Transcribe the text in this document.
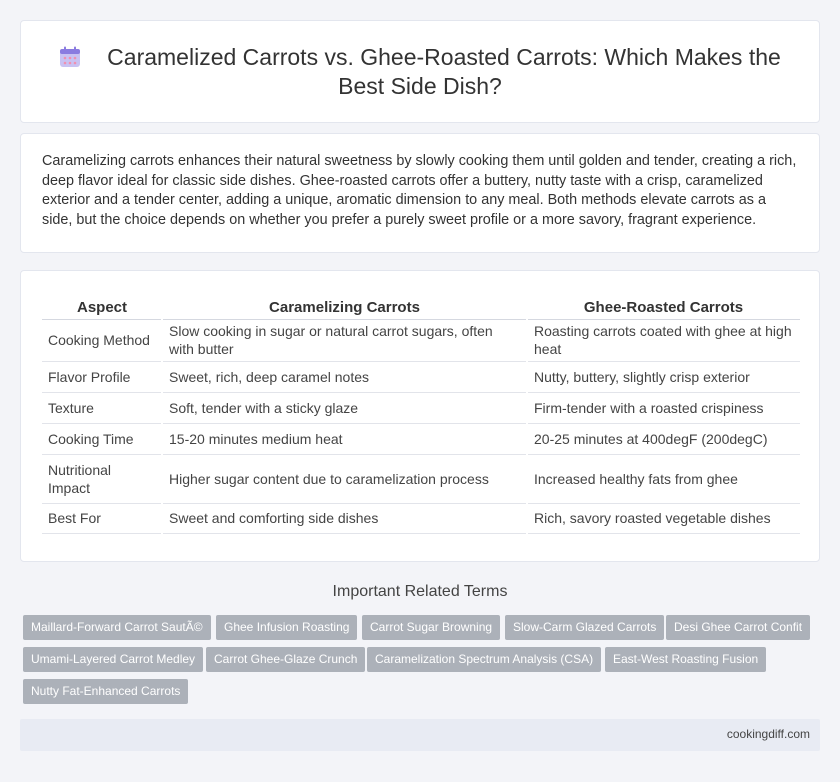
Caramelized Carrots vs. Ghee-Roasted Carrots: Which Makes the Best Side Dish?

Caramelizing carrots enhances their natural sweetness by slowly cooking them until golden and tender, creating a rich, deep flavor ideal for classic side dishes. Ghee-roasted carrots offer a buttery, nutty taste with a crisp, caramelized exterior and a tender center, adding a unique, aromatic dimension to any meal. Both methods elevate carrots as a side, but the choice depends on whether you prefer a purely sweet profile or a more savory, fragrant experience.

Aspect	Caramelizing Carrots	Ghee-Roasted Carrots
Cooking Method	Slow cooking in sugar or natural carrot sugars, often with butter	Roasting carrots coated with ghee at high heat
Flavor Profile	Sweet, rich, deep caramel notes	Nutty, buttery, slightly crisp exterior
Texture	Soft, tender with a sticky glaze	Firm-tender with a roasted crispiness
Cooking Time	15-20 minutes medium heat	20-25 minutes at 400degF (200degC)
Nutritional Impact	Higher sugar content due to caramelization process	Increased healthy fats from ghee
Best For	Sweet and comforting side dishes	Rich, savory roasted vegetable dishes
Important Related Terms
Maillard-Forward Carrot SautÃ©	Ghee Infusion Roasting	Carrot Sugar Browning	Slow-Carm Glazed Carrots	Desi Ghee Carrot Confit
Umami-Layered Carrot Medley	Carrot Ghee-Glaze Crunch	Caramelization Spectrum Analysis (CSA)	East-West Roasting Fusion
Nutty Fat-Enhanced Carrots
cookingdiff.com
